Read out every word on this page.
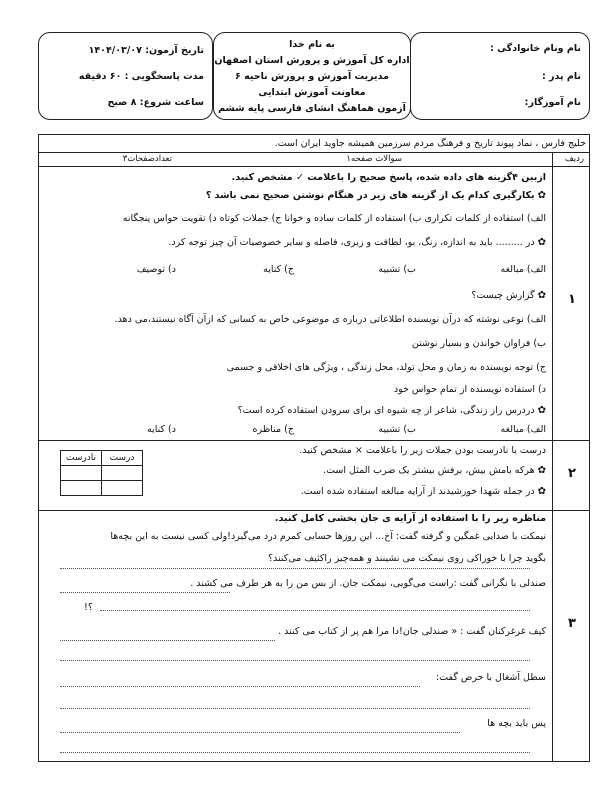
نام ونام خانوادگی :
نام پدر :
نام آموزگار:
به نام خدا
اداره کل آموزش و پرورش استان اصفهان
مدیریت آموزش و پرورش ناحیه ۶
معاونت آموزش ابتدایی
آزمون هماهنگ انشای فارسی پایه ششم
تاریخ آزمون: ۱۴۰۴/۰۳/۰۷
مدت پاسخگویی : ۶۰ دقیقه
ساعت شروع: ۸ صبح
خلیج فارس ، نماد پیوند تاریخ و فرهنگ مردم سرزمین همیشه جاوید ایران است.
ردیف
سوالات صفحه۱
تعدادصفحات۳
۱
ازبین ۴گزینه های داده شده، پاسخ صحیح را باعلامت ✓ مشخص کنید.
✿بکارگیری کدام یک از گزینه های زیر در هنگام نوشتن صحیح نمی باشد ؟
الف) استفاده از کلمات تکراری ب) استفاده از کلمات ساده و خوانا ج) جملات کوتاه د) تقویت حواس پنجگانه
✿در ......... باید به اندازه، رنگ، بو، لطافت و زبری، فاصله و سایر خصوصیات آن چیز توجه کرد.
الف) مبالغه
ب) تشبیه
ج) کنایه
د) توصیف
✿گزارش چیست؟
الف) نوعی نوشته که درآن نویسنده اطلاعاتی درباره ی موضوعی خاص به کسانی که ازآن آگاه نیستند،می دهد.
ب) فراوان خواندن و بسیار نوشتن
ج) توجه نویسنده به زمان و محل تولد، محل زندگی ، ویژگی های اخلاقی و جسمی
د) استفاده نویسنده از تمام حواس خود
✿دردرس راز زندگی، شاعر از چه شیوه ای برای سرودن استفاده کرده است؟
الف) مبالغه
ب) تشبیه
ج) مناظره
د) کنایه
۲
درست یا نادرست بودن جملات زیر را باعلامت × مشخص کنید.
✿هرکه بامش بیش، برفش بیشتر یک ضرب المثل است.
✿در جمله شهدا خورشیدند از آرایه مبالغه استفاده شده است.
نادرست	درست

۳
مناظره زیر را با استفاده از آرایه ی جان بخشی کامل کنید.
نیمکت با صدایی غمگین و گرفته گفت: آخ... این روزها حسابی کمرم درد می‌گیرد!ولی کسی نیست به این بچه‌ها
بگوید چرا با خوراکی روی نیمکت می نشینند و همه‌چیز راکثیف می‌کنند؟
صندلی با نگرانی گفت :راست می‌گویی، نیمکت جان. از بس من را به هر طرف می کشند .
!؟
کیف غرغرکنان گفت : « صندلی جان!دا مرا هم پر از کتاب می کنند .
سطل آشغال با حرص گفت:
پس باید بچه ها
